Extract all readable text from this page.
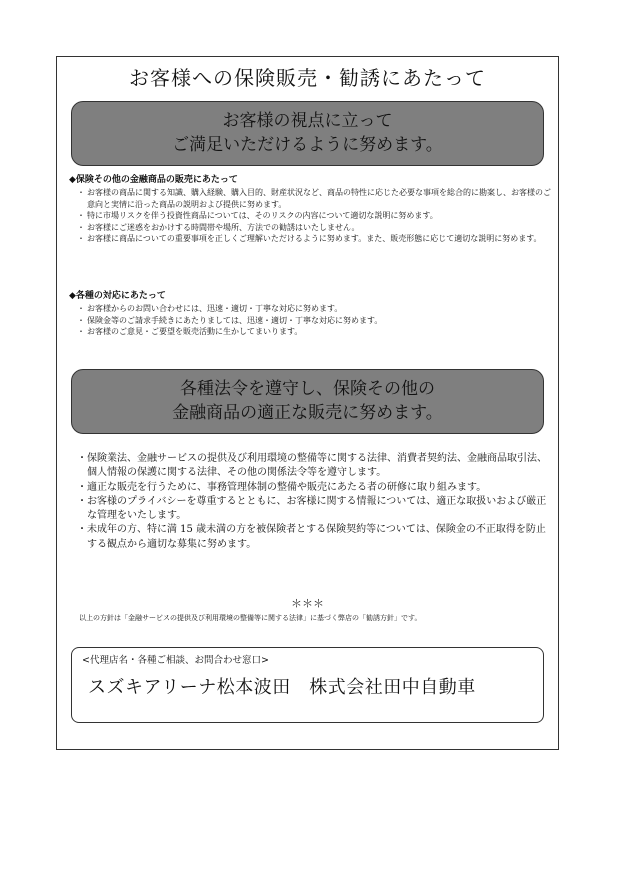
お客様への保険販売・勧誘にあたって
お客様の視点に立って
ご満足いただけるように努めます。
◆保険その他の金融商品の販売にあたって
・ お客様の商品に関する知識、購入経験、購入目的、財産状況など、商品の特性に応じた必要な事項を総合的に勘案し、お客様のご意向と実情に沿った商品の説明および提供に努めます。
・ 特に市場リスクを伴う投資性商品については、そのリスクの内容について適切な説明に努めます。
・ お客様にご迷惑をおかけする時間帯や場所、方法での勧誘はいたしません。
・ お客様に商品についての重要事項を正しくご理解いただけるように努めます。また、販売形態に応じて適切な説明に努めます。
◆各種の対応にあたって
・ お客様からのお問い合わせには、迅速・適切・丁寧な対応に努めます。
・ 保険金等のご請求手続きにあたりましては、迅速・適切・丁寧な対応に努めます。
・ お客様のご意見・ご要望を販売活動に生かしてまいります。
各種法令を遵守し、保険その他の
金融商品の適正な販売に努めます。
・ 保険業法、金融サービスの提供及び利用環境の整備等に関する法律、消費者契約法、金融商品取引法、個人情報の保護に関する法律、その他の関係法令等を遵守します。
・ 適正な販売を行うために、事務管理体制の整備や販売にあたる者の研修に取り組みます。
・ お客様のプライバシーを尊重するとともに、お客様に関する情報については、適正な取扱いおよび厳正な管理をいたします。
・ 未成年の方、特に満 15 歳未満の方を被保険者とする保険契約等については、保険金の不正取得を防止する観点から適切な募集に努めます。
＊＊＊
以上の方針は「金融サービスの提供及び利用環境の整備等に関する法律」に基づく弊店の「勧誘方針」です。
<代理店名・各種ご相談、お問合わせ窓口>
スズキアリーナ松本波田　株式会社田中自動車
